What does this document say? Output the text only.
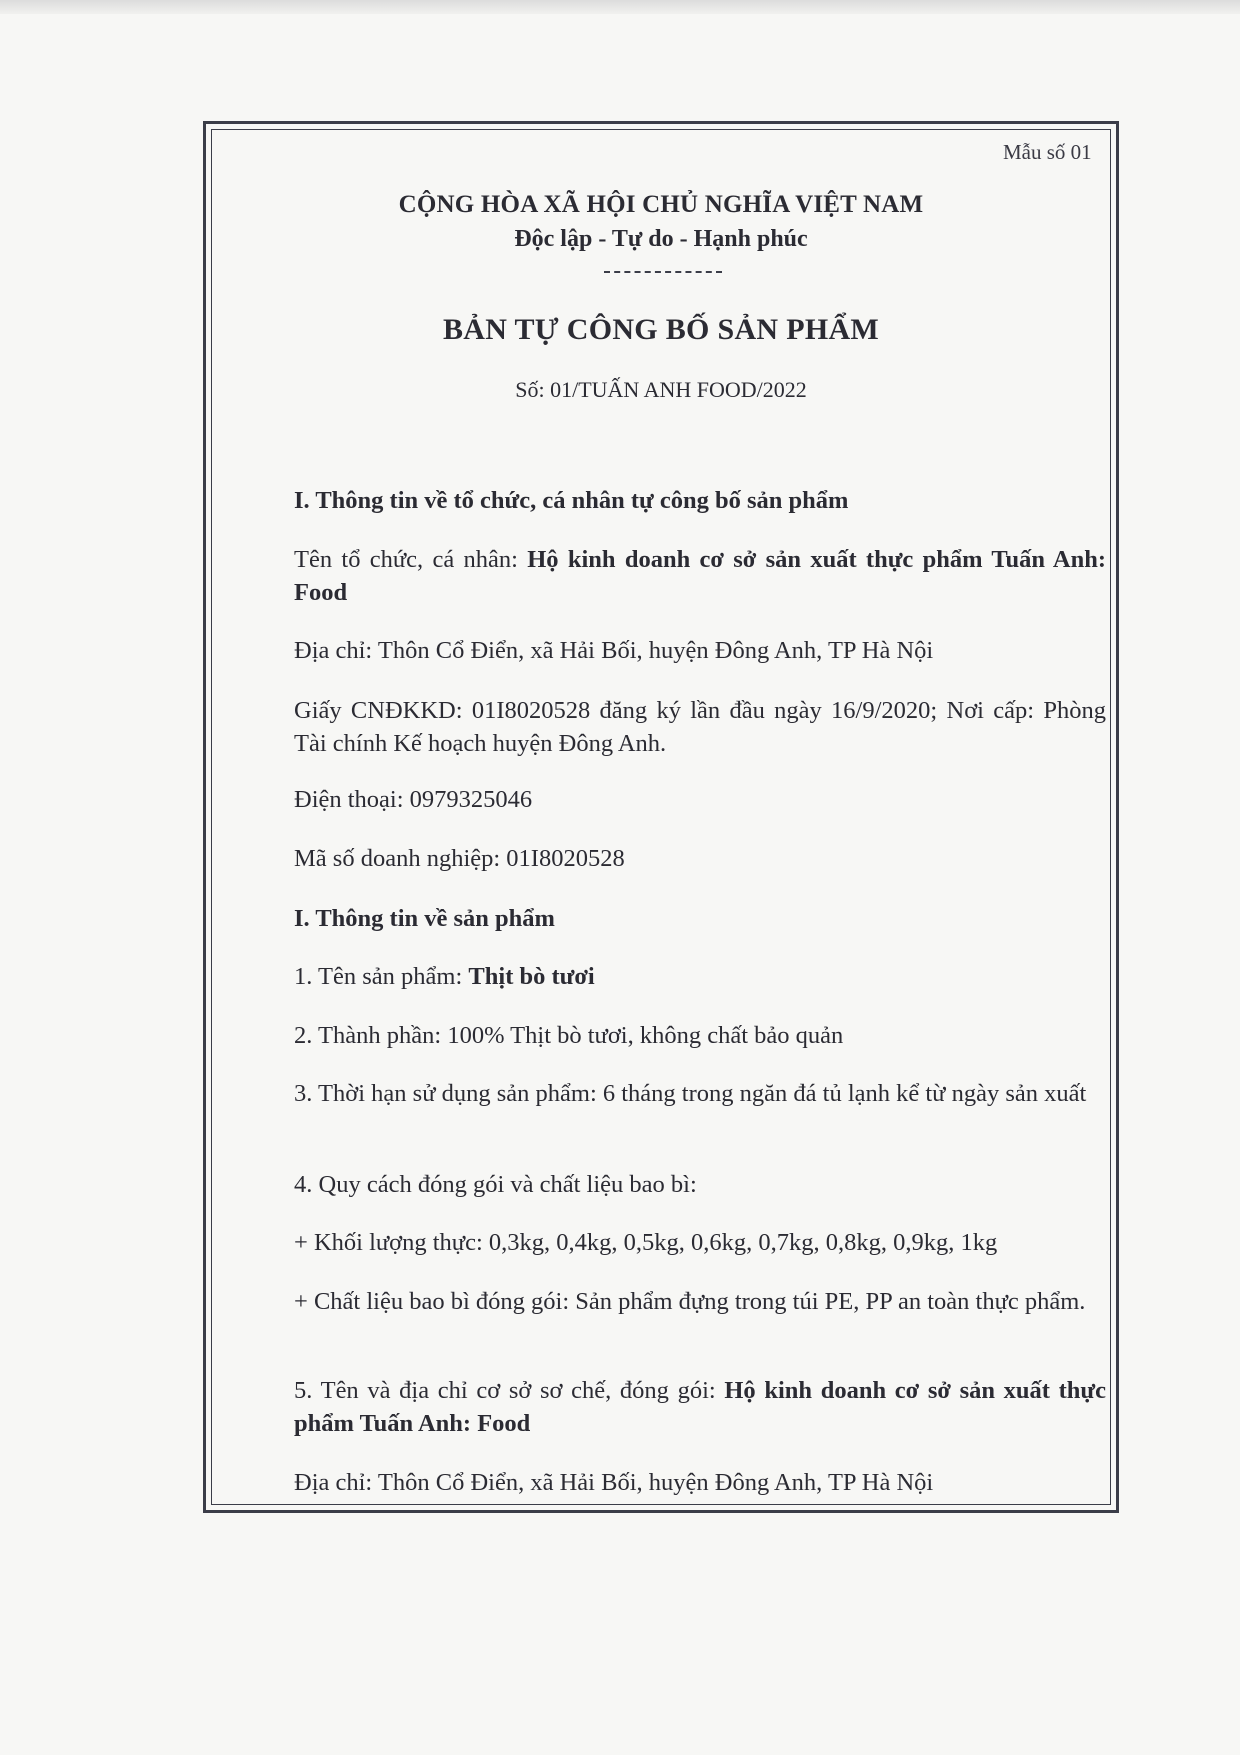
Mẫu số 01
CỘNG HÒA XÃ HỘI CHỦ NGHĨA VIỆT NAM
Độc lập - Tự do - Hạnh phúc
BẢN TỰ CÔNG BỐ SẢN PHẨM
Số: 01/TUẤN ANH FOOD/2022
I. Thông tin về tổ chức, cá nhân tự công bố sản phẩm
Tên tổ chức, cá nhân: Hộ kinh doanh cơ sở sản xuất thực phẩm Tuấn Anh: Food
Địa chỉ: Thôn Cổ Điển, xã Hải Bối, huyện Đông Anh, TP Hà Nội
Giấy CNĐKKD: 01I8020528 đăng ký lần đầu ngày 16/9/2020; Nơi cấp: Phòng Tài chính Kế hoạch huyện Đông Anh.
Điện thoại: 0979325046
Mã số doanh nghiệp: 01I8020528
I. Thông tin về sản phẩm
1. Tên sản phẩm: Thịt bò tươi
2. Thành phần: 100% Thịt bò tươi, không chất bảo quản
3. Thời hạn sử dụng sản phẩm: 6 tháng trong ngăn đá tủ lạnh kể từ ngày sản xuất
4. Quy cách đóng gói và chất liệu bao bì:
+ Khối lượng thực: 0,3kg, 0,4kg, 0,5kg, 0,6kg, 0,7kg, 0,8kg, 0,9kg, 1kg
+ Chất liệu bao bì đóng gói: Sản phẩm đựng trong túi PE, PP an toàn thực phẩm.
5. Tên và địa chỉ cơ sở sơ chế, đóng gói: Hộ kinh doanh cơ sở sản xuất thực phẩm Tuấn Anh: Food
Địa chỉ: Thôn Cổ Điển, xã Hải Bối, huyện Đông Anh, TP Hà Nội
